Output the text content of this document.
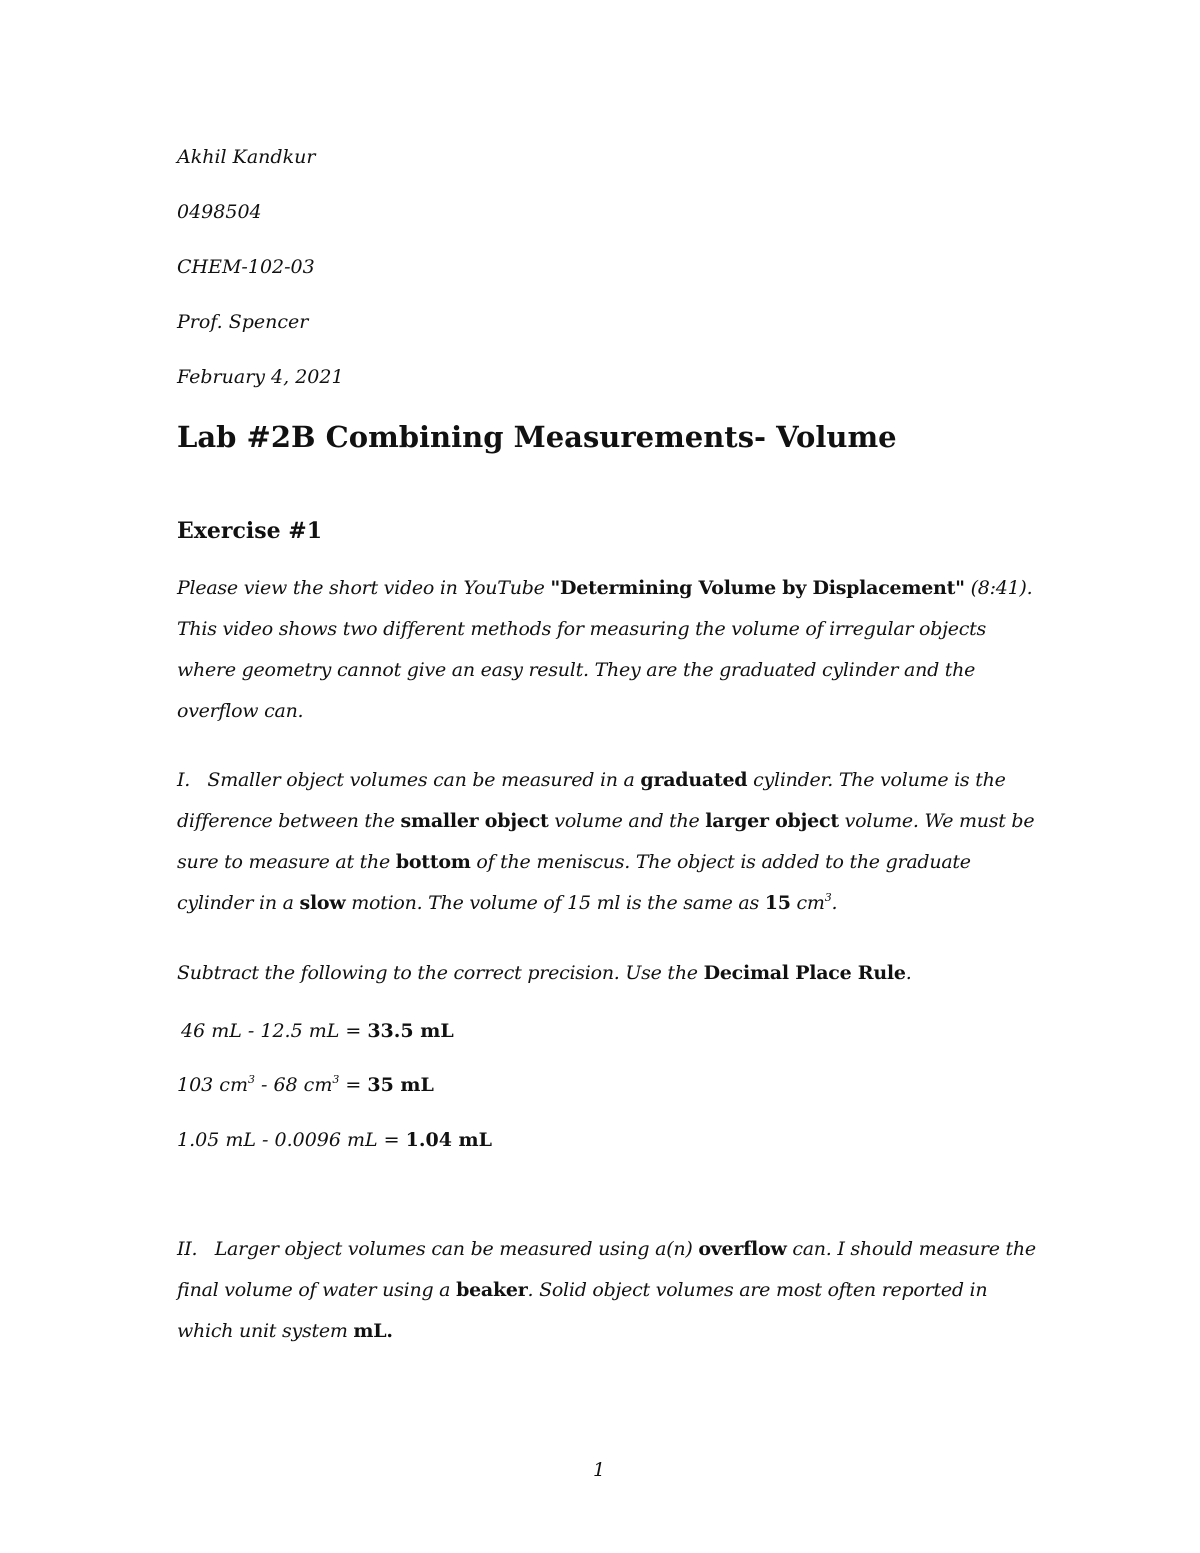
Akhil Kandkur
0498504
CHEM-102-03
Prof. Spencer
February 4, 2021
Lab #2B Combining Measurements- Volume
Exercise #1
Please view the short video in YouTube "Determining Volume by Displacement" (8:41). This video shows two different methods for measuring the volume of irregular objects where geometry cannot give an easy result. They are the graduated cylinder and the overflow can.
I. Smaller object volumes can be measured in a graduated cylinder. The volume is the difference between the smaller object volume and the larger object volume. We must be sure to measure at the bottom of the meniscus. The object is added to the graduate cylinder in a slow motion. The volume of 15 ml is the same as 15 $cm^3$.
Subtract the following to the correct precision. Use the Decimal Place Rule.
46 mL - 12.5 mL = 33.5 mL
103 $cm^3 - 68$ $cm^3 = 35$ mL
1.05 mL - 0.0096 mL = 1.04 mL
II. Larger object volumes can be measured using a(n) overflow can. I should measure the final volume of water using a beaker. Solid object volumes are most often reported in which unit system mL.
1
